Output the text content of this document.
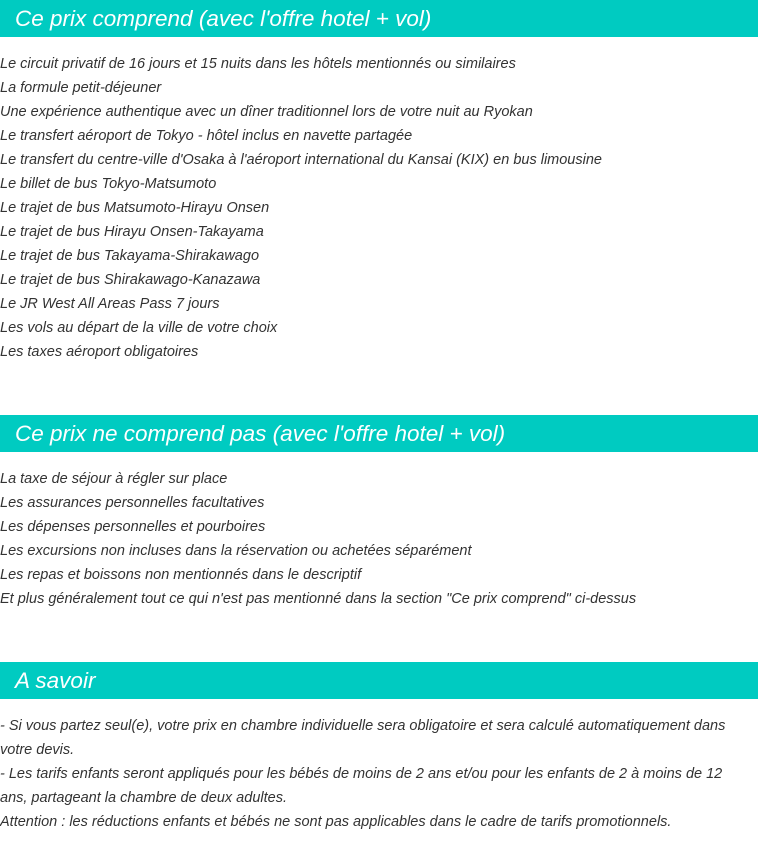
Ce prix comprend (avec l'offre hotel + vol)
Le circuit privatif de 16 jours et 15 nuits dans les hôtels mentionnés ou similaires
La formule petit-déjeuner
Une expérience authentique avec un dîner traditionnel lors de votre nuit au Ryokan
Le transfert aéroport de Tokyo - hôtel inclus en navette partagée
Le transfert du centre-ville d'Osaka à l'aéroport international du Kansai (KIX) en bus limousine
Le billet de bus Tokyo-Matsumoto
Le trajet de bus Matsumoto-Hirayu Onsen
Le trajet de bus Hirayu Onsen-Takayama
Le trajet de bus Takayama-Shirakawago
Le trajet de bus Shirakawago-Kanazawa
Le JR West All Areas Pass 7 jours
Les vols au départ de la ville de votre choix
Les taxes aéroport obligatoires
Ce prix ne comprend pas (avec l'offre hotel + vol)
La taxe de séjour à régler sur place
Les assurances personnelles facultatives
Les dépenses personnelles et pourboires
Les excursions non incluses dans la réservation ou achetées séparément
Les repas et boissons non mentionnés dans le descriptif
Et plus généralement tout ce qui n'est pas mentionné dans la section "Ce prix comprend" ci-dessus
A savoir

- Si vous partez seul(e), votre prix en chambre individuelle sera obligatoire et sera calculé automatiquement dans votre devis.

- Les tarifs enfants seront appliqués pour les bébés de moins de 2 ans et/ou pour les enfants de 2 à moins de 12 ans, partageant la chambre de deux adultes.

Attention : les réductions enfants et bébés ne sont pas applicables dans le cadre de tarifs promotionnels.
